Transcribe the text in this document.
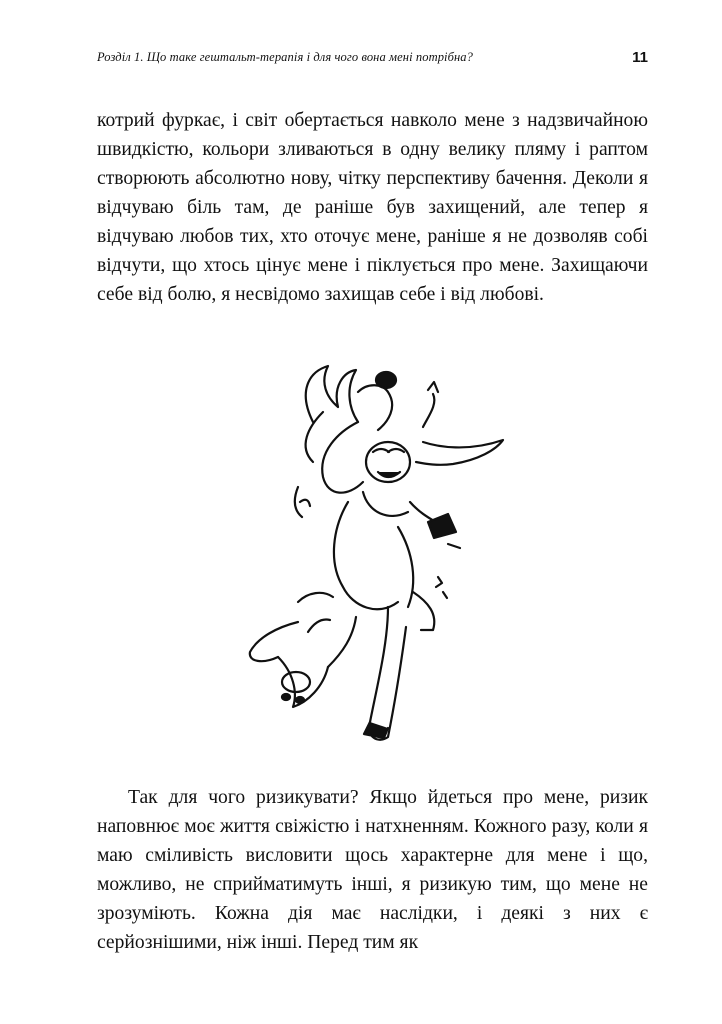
Розділ 1. Що таке гештальт-терапія і для чого вона мені потрібна?	11

котрий фуркає, і світ обертається навколо мене з надзвичайною швидкістю, кольори зливаються в одну велику пляму і раптом створюють абсолютно нову, чітку перспективу бачення. Деколи я відчуваю біль там, де раніше був захищений, але тепер я відчуваю любов тих, хто оточує мене, раніше я не дозволяв собі відчути, що хтось цінує мене і піклується про мене. Захищаючи себе від болю, я несвідомо захищав себе і від любові.

Так для чого ризикувати? Якщо йдеться про мене, ризик наповнює моє життя свіжістю і натхненням. Кожного разу, коли я маю сміливість висловити щось характерне для мене і що, можливо, не сприйматимуть інші, я ризикую тим, що мене не зрозуміють. Кожна дія має наслідки, і деякі з них є серйознішими, ніж інші. Перед тим як
